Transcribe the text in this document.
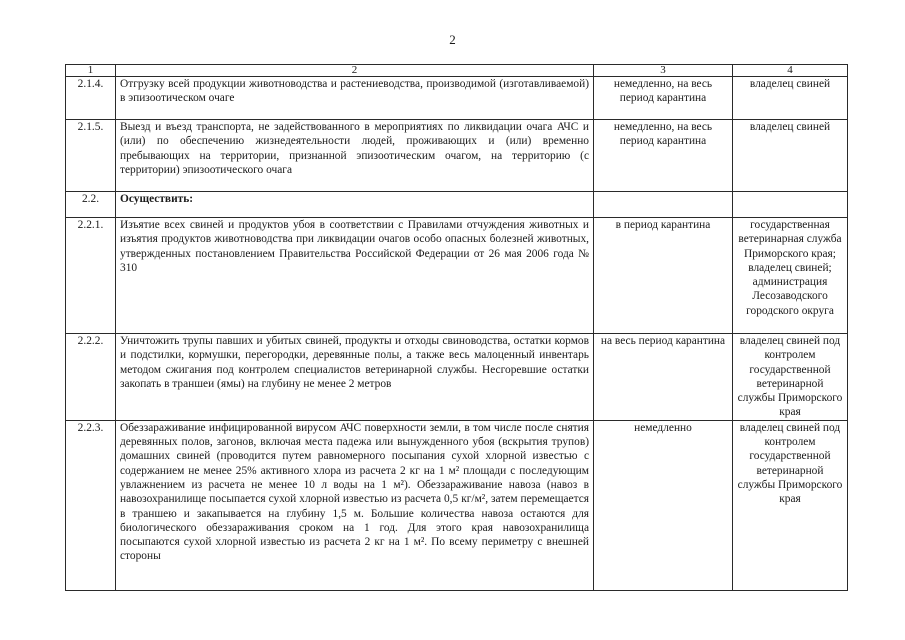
2
1	2	3	4
2.1.4.	Отгрузку всей продукции животноводства и растениеводства, производимой (изготавливаемой) в эпизоотическом очаге	немедленно, на весь период карантина	владелец свиней
2.1.5.	Выезд и въезд транспорта, не задействованного в мероприятиях по ликвидации очага АЧС и (или) по обеспечению жизнедеятельности людей, проживающих и (или) временно пребывающих на территории, признанной эпизоотическим очагом, на территорию (с территории) эпизоотического очага	немедленно, на весь период карантина	владелец свиней
2.2.	Осуществить:		
2.2.1.	Изъятие всех свиней и продуктов убоя в соответствии с Правилами отчуждения животных и изъятия продуктов животноводства при ликвидации очагов особо опасных болезней животных, утвержденных постановлением Правительства Российской Федерации от 26 мая 2006 года № 310	в период карантина	государственная ветеринарная служба Приморского края; владелец свиней; администрация Лесозаводского городского округа
2.2.2.	Уничтожить трупы павших и убитых свиней, продукты и отходы свиноводства, остатки кормов и подстилки, кормушки, перегородки, деревянные полы, а также весь малоценный инвентарь методом сжигания под контролем специалистов ветеринарной службы. Несгоревшие остатки закопать в траншеи (ямы) на глубину не менее 2 метров	на весь период карантина	владелец свиней под контролем государственной ветеринарной службы Приморского края
2.2.3.	Обеззараживание инфицированной вирусом АЧС поверхности земли, в том числе после снятия деревянных полов, загонов, включая места падежа или вынужденного убоя (вскрытия трупов) домашних свиней (проводится путем равномерного посыпания сухой хлорной известью с содержанием не менее 25% активного хлора из расчета 2 кг на 1 м² площади с последующим увлажнением из расчета не менее 10 л воды на 1 м²). Обеззараживание навоза (навоз в навозохранилище посыпается сухой хлорной известью из расчета 0,5 кг/м², затем перемещается в траншею и закапывается на глубину 1,5 м. Большие количества навоза остаются для биологического обеззараживания сроком на 1 год. Для этого края навозохранилища посыпаются сухой хлорной известью из расчета 2 кг на 1 м². По всему периметру с внешней стороны	немедленно	владелец свиней под контролем государственной ветеринарной службы Приморского края
